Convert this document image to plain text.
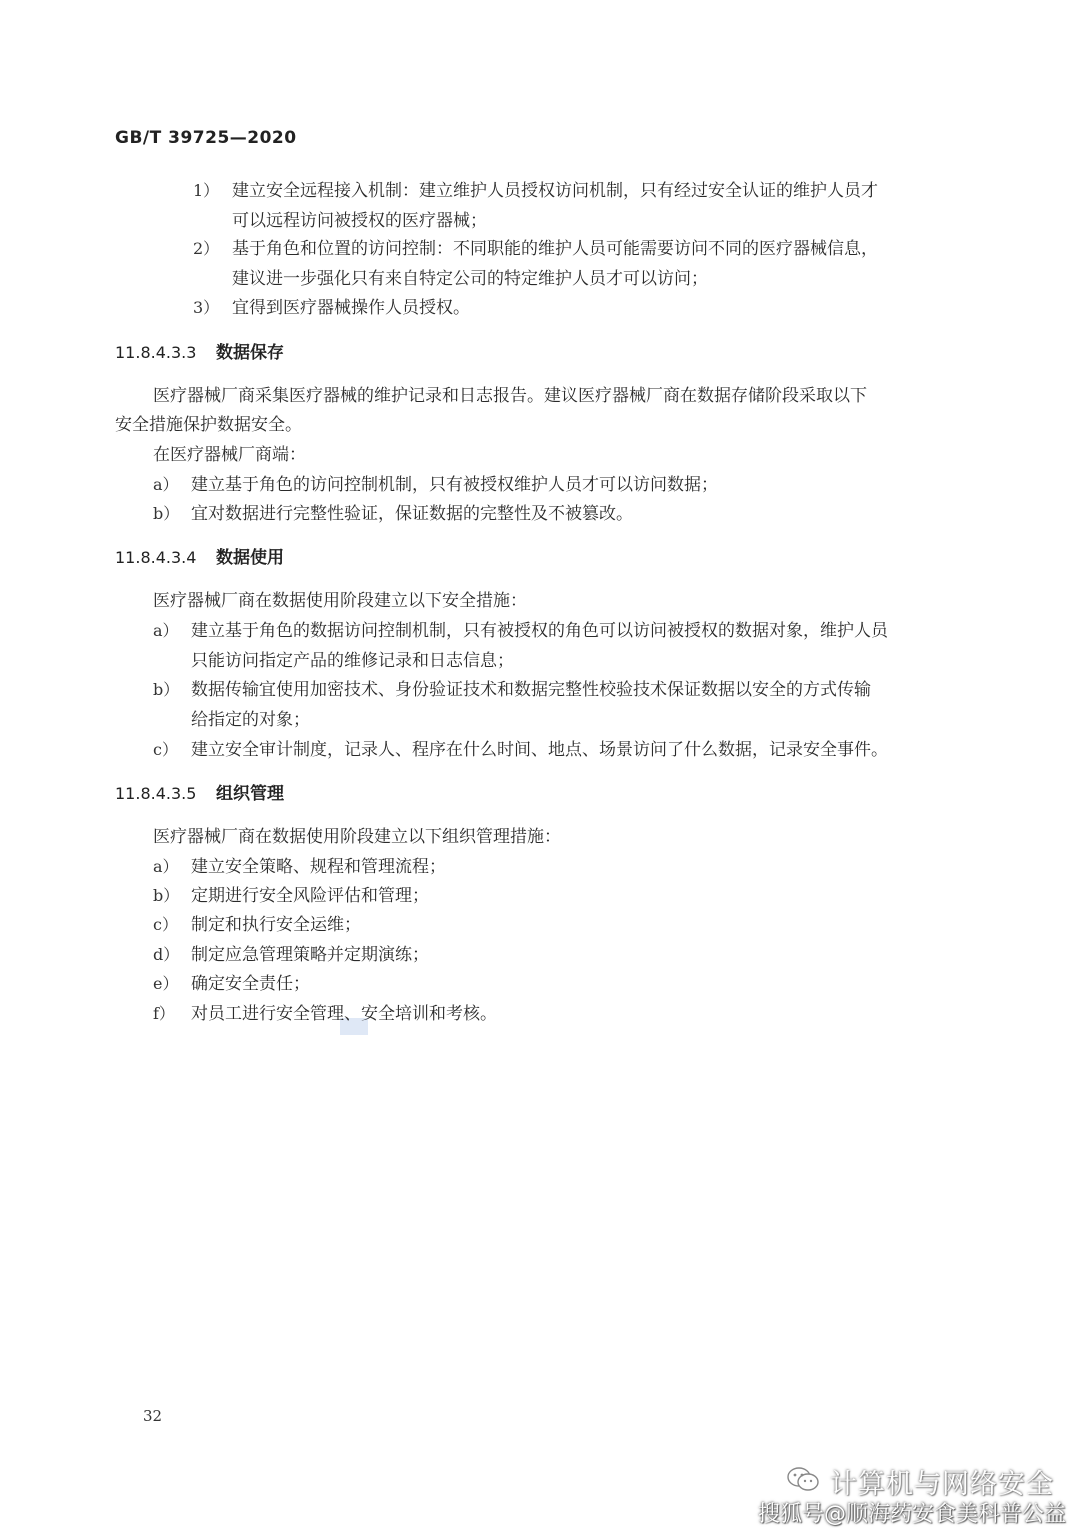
GB/T 39725—2020
1） 建立安全远程接入机制：建立维护人员授权访问机制，只有经过安全认证的维护人员才
可以远程访问被授权的医疗器械；
2） 基于角色和位置的访问控制：不同职能的维护人员可能需要访问不同的医疗器械信息，
建议进一步强化只有来自特定公司的特定维护人员才可以访问；
3） 宜得到医疗器械操作人员授权。
11.8.4.3.3 数据保存
医疗器械厂商采集医疗器械的维护记录和日志报告。建议医疗器械厂商在数据存储阶段采取以下
安全措施保护数据安全。
在医疗器械厂商端：
a） 建立基于角色的访问控制机制，只有被授权维护人员才可以访问数据；
b） 宜对数据进行完整性验证，保证数据的完整性及不被篡改。
11.8.4.3.4 数据使用
医疗器械厂商在数据使用阶段建立以下安全措施：
a） 建立基于角色的数据访问控制机制，只有被授权的角色可以访问被授权的数据对象，维护人员
只能访问指定产品的维修记录和日志信息；
b） 数据传输宜使用加密技术、身份验证技术和数据完整性校验技术保证数据以安全的方式传输
给指定的对象；
c） 建立安全审计制度，记录人、程序在什么时间、地点、场景访问了什么数据，记录安全事件。
11.8.4.3.5 组织管理
医疗器械厂商在数据使用阶段建立以下组织管理措施：
a） 建立安全策略、规程和管理流程；
b） 定期进行安全风险评估和管理；
c） 制定和执行安全运维；
d） 制定应急管理策略并定期演练；
e） 确定安全责任；
f） 对员工进行安全管理、安全培训和考核。
32
计算机与网络安全
搜狐号@顺海药安食美科普公益
